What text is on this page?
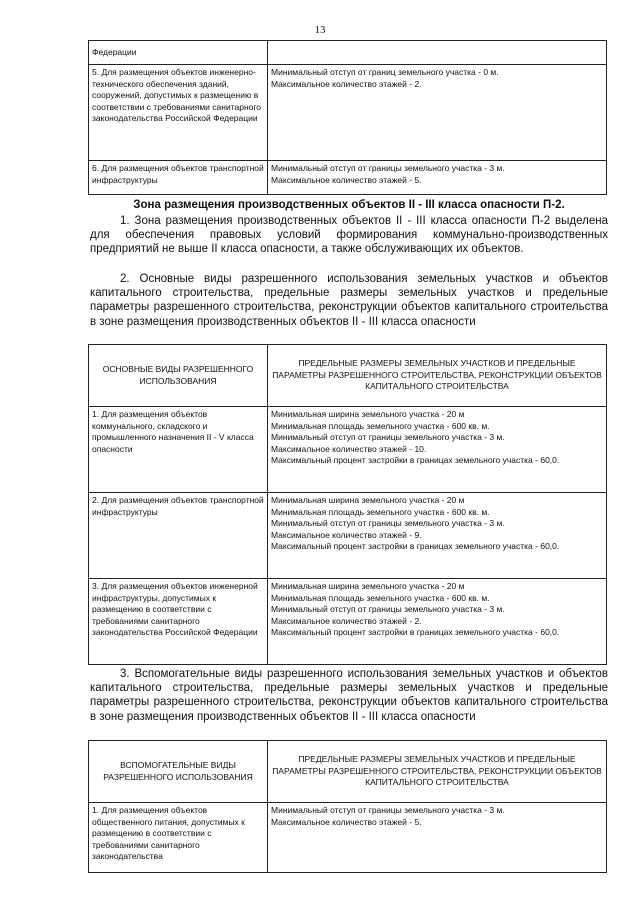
13
Федерации	
5. Для размещения объектов инженерно-технического обеспечения зданий, сооружений, допустимых к размещению в соответствии с требованиями санитарного законодательства Российской Федерации	Минимальный отступ от границ земельного участка - 0 м.
Максимальное количество этажей - 2.

6. Для размещения объектов транспортной инфраструктуры	Минимальный отступ от границы земельного участка - 3 м.
Максимальное количество этажей - 5.
Зона размещения производственных объектов II - III класса опасности П-2.
1. Зона размещения производственных объектов II - III класса опасности П-2 выделена для обеспечения правовых условий формирования коммунально-производственных предприятий не выше II класса опасности, а также обслуживающих их объектов.
2. Основные виды разрешенного использования земельных участков и объектов капитального строительства, предельные размеры земельных участков и предельные параметры разрешенного строительства, реконструкции объектов капитального строительства в зоне размещения производственных объектов II - III класса опасности
ОСНОВНЫЕ ВИДЫ РАЗРЕШЕННОГО ИСПОЛЬЗОВАНИЯ	ПРЕДЕЛЬНЫЕ РАЗМЕРЫ ЗЕМЕЛЬНЫХ УЧАСТКОВ И ПРЕДЕЛЬНЫЕ ПАРАМЕТРЫ РАЗРЕШЕННОГО СТРОИТЕЛЬСТВА, РЕКОНСТРУКЦИИ ОБЪЕКТОВ КАПИТАЛЬНОГО СТРОИТЕЛЬСТВА
1. Для размещения объектов коммунального, складского и промышленного назначения II - V класса опасности	Минимальная ширина земельного участка - 20 м
Минимальная площадь земельного участка - 600 кв. м.
Минимальный отступ от границы земельного участка - 3 м.
Максимальное количество этажей - 10.
Максимальный процент застройки в границах земельного участка - 60,0.

2. Для размещения объектов транспортной инфраструктуры	Минимальная ширина земельного участка - 20 м
Минимальная площадь земельного участка - 600 кв. м.
Минимальный отступ от границы земельного участка - 3 м.
Максимальное количество этажей - 9.
Максимальный процент застройки в границах земельного участка - 60,0.

3. Для размещения объектов инженерной инфраструктуры, допустимых к размещению в соответствии с требованиями санитарного законодательства Российской Федерации	Минимальная ширина земельного участка - 20 м
Минимальная площадь земельного участка - 600 кв. м.
Минимальный отступ от границы земельного участка - 3 м.
Максимальное количество этажей - 2.
Максимальный процент застройки в границах земельного участка - 60,0.
3. Вспомогательные виды разрешенного использования земельных участков и объектов капитального строительства, предельные размеры земельных участков и предельные параметры разрешенного строительства, реконструкции объектов капитального строительства в зоне размещения производственных объектов II - III класса опасности
ВСПОМОГАТЕЛЬНЫЕ ВИДЫ РАЗРЕШЕННОГО ИСПОЛЬЗОВАНИЯ	ПРЕДЕЛЬНЫЕ РАЗМЕРЫ ЗЕМЕЛЬНЫХ УЧАСТКОВ И ПРЕДЕЛЬНЫЕ ПАРАМЕТРЫ РАЗРЕШЕННОГО СТРОИТЕЛЬСТВА, РЕКОНСТРУКЦИИ ОБЪЕКТОВ КАПИТАЛЬНОГО СТРОИТЕЛЬСТВА
1. Для размещения объектов общественного питания, допустимых к размещению в соответствии с требованиями санитарного законодательства	Минимальный отступ от границы земельного участка - 3 м.
Максимальное количество этажей - 5.
